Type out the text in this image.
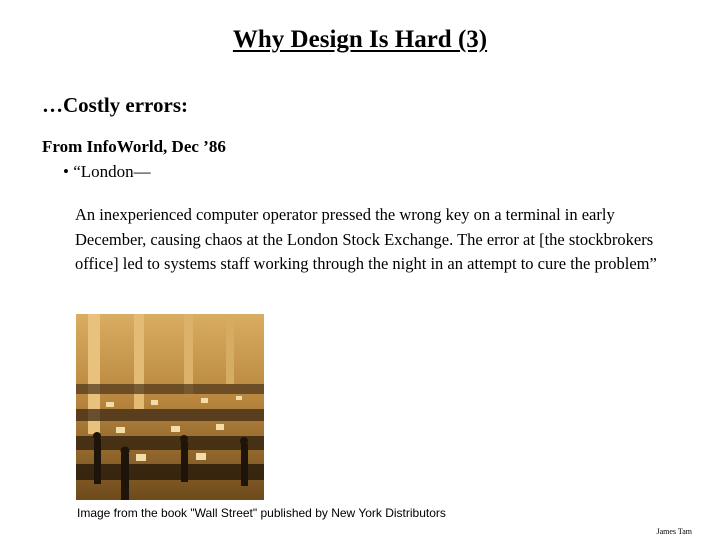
Why Design Is Hard (3)
…Costly errors:
From InfoWorld, Dec ’86
• “London—
An inexperienced computer operator pressed the wrong key on a terminal in early December, causing chaos at the London Stock Exchange. The error at [the stockbrokers office] led to systems staff working through the night in an attempt to cure the problem”
Image from the book "Wall Street" published by New York Distributors
James Tam
